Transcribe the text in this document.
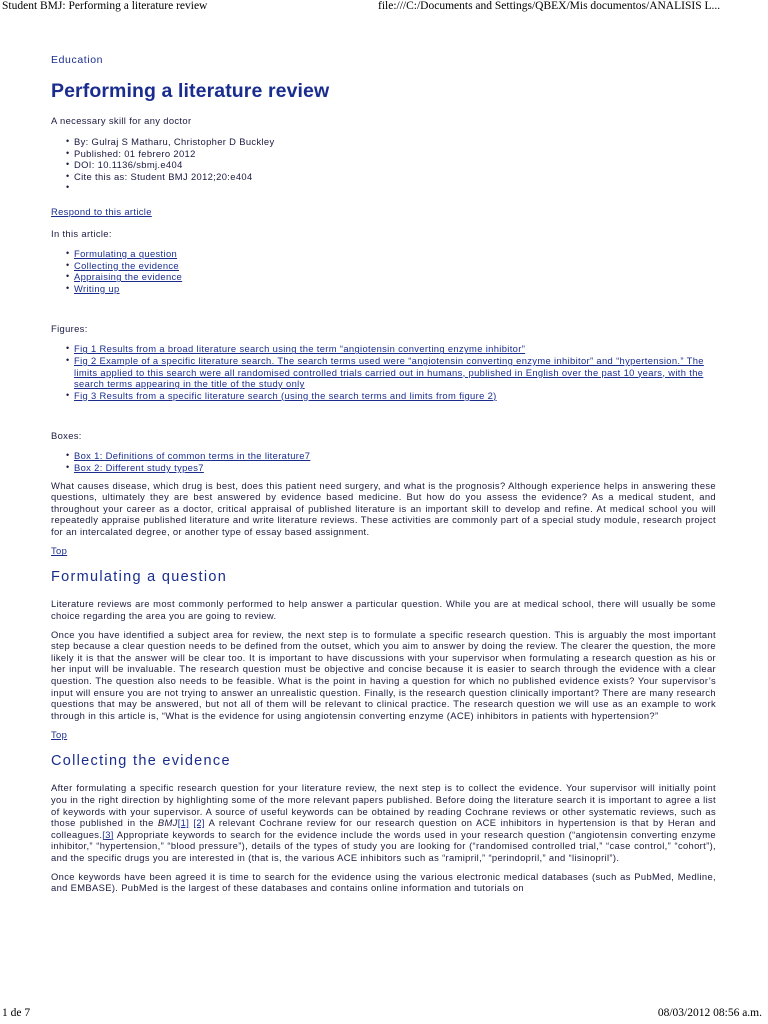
Student BMJ: Performing a literature review	file:///C:/Documents and Settings/QBEX/Mis documentos/ANALISIS L...
Education
Performing a literature review
A necessary skill for any doctor
• By: Gulraj S Matharu, Christopher D Buckley
• Published: 01 febrero 2012
• DOI: 10.1136/sbmj.e404
• Cite this as: Student BMJ 2012;20:e404
•
Respond to this article
In this article:
• Formulating a question
• Collecting the evidence
• Appraising the evidence
• Writing up
Figures:
• Fig 1 Results from a broad literature search using the term “angiotensin converting enzyme inhibitor”
• Fig 2 Example of a specific literature search. The search terms used were “angiotensin converting enzyme inhibitor” and “hypertension.” The limits applied to this search were all randomised controlled trials carried out in humans, published in English over the past 10 years, with the search terms appearing in the title of the study only
• Fig 3 Results from a specific literature search (using the search terms and limits from figure 2)
Boxes:
• Box 1: Definitions of common terms in the literature7
• Box 2: Different study types7

What causes disease, which drug is best, does this patient need surgery, and what is the prognosis? Although experience helps in answering these questions, ultimately they are best answered by evidence based medicine. But how do you assess the evidence? As a medical student, and throughout your career as a doctor, critical appraisal of published literature is an important skill to develop and refine. At medical school you will repeatedly appraise published literature and write literature reviews. These activities are commonly part of a special study module, research project for an intercalated degree, or another type of essay based assignment.

Top
Formulating a question

Literature reviews are most commonly performed to help answer a particular question. While you are at medical school, there will usually be some choice regarding the area you are going to review.

Once you have identified a subject area for review, the next step is to formulate a specific research question. This is arguably the most important step because a clear question needs to be defined from the outset, which you aim to answer by doing the review. The clearer the question, the more likely it is that the answer will be clear too. It is important to have discussions with your supervisor when formulating a research question as his or her input will be invaluable. The research question must be objective and concise because it is easier to search through the evidence with a clear question. The question also needs to be feasible. What is the point in having a question for which no published evidence exists? Your supervisor’s input will ensure you are not trying to answer an unrealistic question. Finally, is the research question clinically important? There are many research questions that may be answered, but not all of them will be relevant to clinical practice. The research question we will use as an example to work through in this article is, “What is the evidence for using angiotensin converting enzyme (ACE) inhibitors in patients with hypertension?”

Top
Collecting the evidence

After formulating a specific research question for your literature review, the next step is to collect the evidence. Your supervisor will initially point you in the right direction by highlighting some of the more relevant papers published. Before doing the literature search it is important to agree a list of keywords with your supervisor. A source of useful keywords can be obtained by reading Cochrane reviews or other systematic reviews, such as those published in the BMJ[1] [2] A relevant Cochrane review for our research question on ACE inhibitors in hypertension is that by Heran and colleagues.[3] Appropriate keywords to search for the evidence include the words used in your research question (“angiotensin converting enzyme inhibitor,” “hypertension,” “blood pressure”), details of the types of study you are looking for (“randomised controlled trial,” “case control,” “cohort”), and the specific drugs you are interested in (that is, the various ACE inhibitors such as “ramipril,” “perindopril,” and “lisinopril”).

Once keywords have been agreed it is time to search for the evidence using the various electronic medical databases (such as PubMed, Medline, and EMBASE). PubMed is the largest of these databases and contains online information and tutorials on

1 de 7	08/03/2012 08:56 a.m.
